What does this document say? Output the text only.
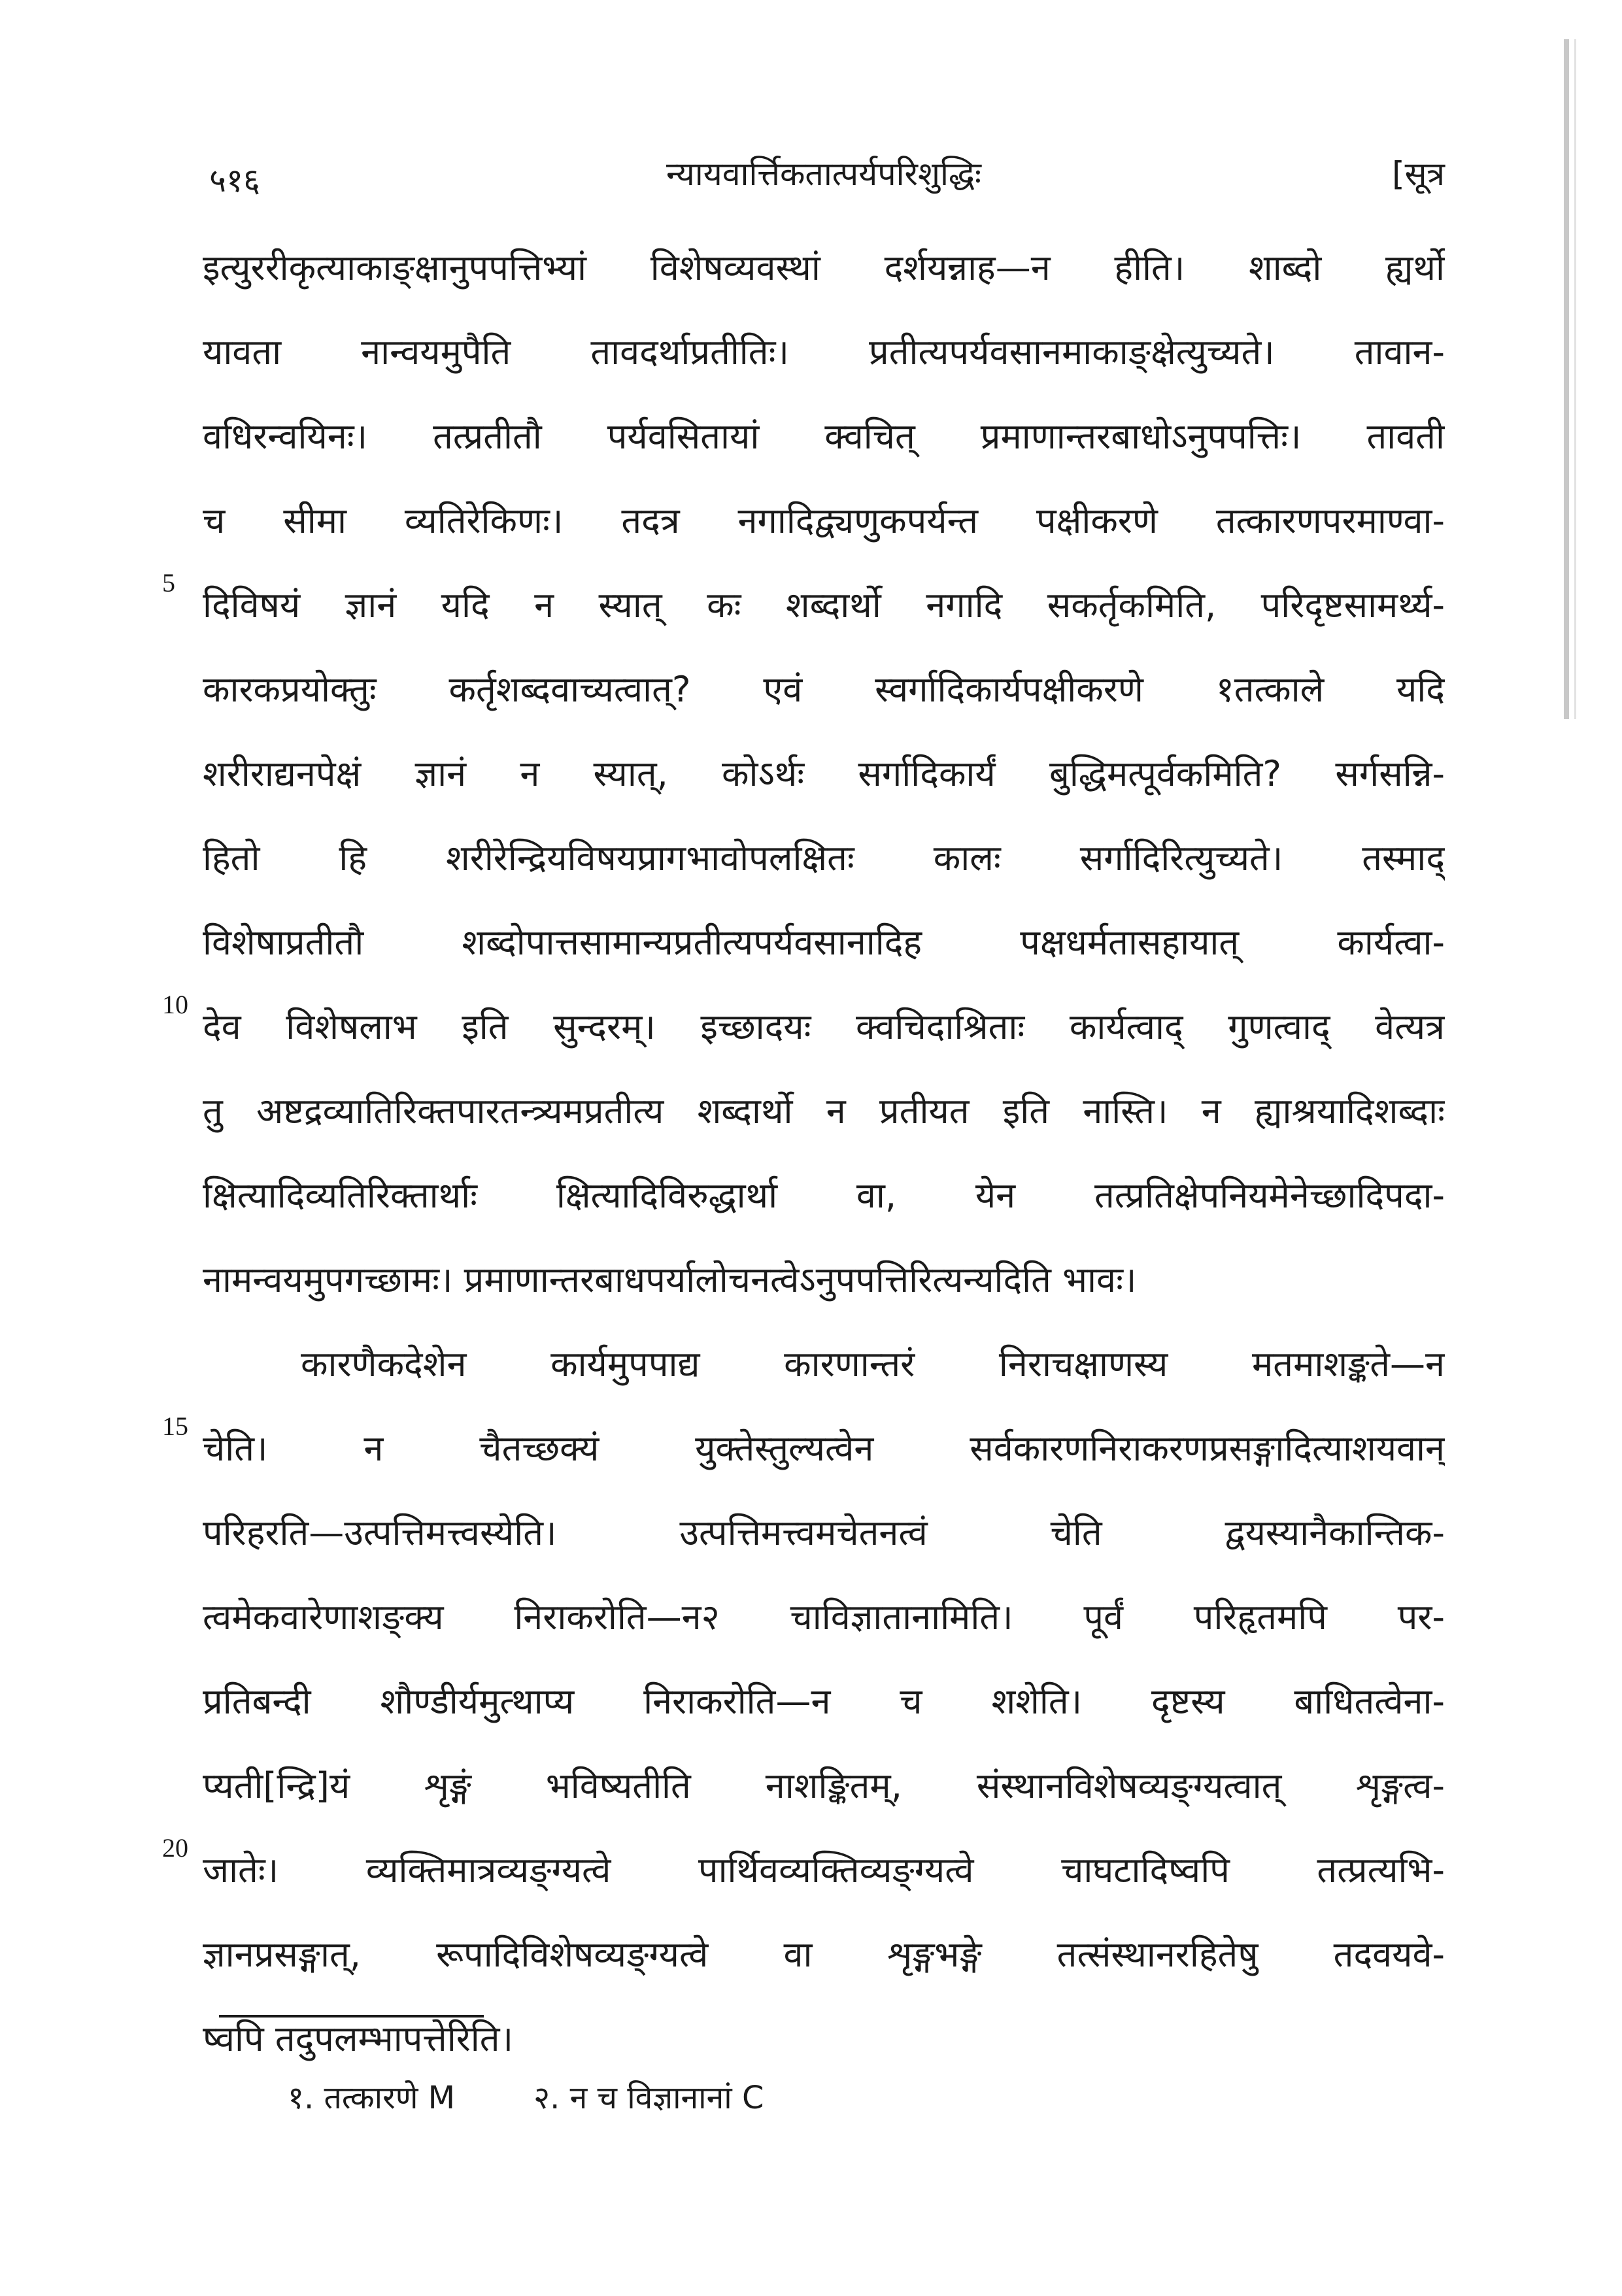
५१६	न्यायवार्त्तिकतात्पर्यपरिशुद्धिः	[सूत्र
5
10
15
20
इत्युररीकृत्याकाङ्क्षानुपपत्तिभ्यां विशेषव्यवस्थां दर्शयन्नाह—न हीति। शाब्दो ह्यर्थो
यावता नान्वयमुपैति तावदर्थाप्रतीतिः। प्रतीत्यपर्यवसानमाकाङ्क्षेत्युच्यते। तावान-
वधिरन्वयिनः। तत्प्रतीतौ पर्यवसितायां क्वचित् प्रमाणान्तरबाधोऽनुपपत्तिः। तावती
च सीमा व्यतिरेकिणः। तदत्र नगादिद्व्यणुकपर्यन्त पक्षीकरणे तत्कारणपरमाण्वा-
दिविषयं ज्ञानं यदि न स्यात् कः शब्दार्थो नगादि सकर्तृकमिति, परिदृष्टसामर्थ्य-
कारकप्रयोक्तुः कर्तृशब्दवाच्यत्वात्? एवं स्वर्गादिकार्यपक्षीकरणे १तत्काले यदि
शरीराद्यनपेक्षं ज्ञानं न स्यात्, कोऽर्थः सर्गादिकार्यं बुद्धिमत्पूर्वकमिति? सर्गसन्नि-
हितो हि शरीरेन्द्रियविषयप्रागभावोपलक्षितः कालः सर्गादिरित्युच्यते। तस्माद्
विशेषाप्रतीतौ शब्दोपात्तसामान्यप्रतीत्यपर्यवसानादिह पक्षधर्मतासहायात् कार्यत्वा-
देव विशेषलाभ इति सुन्दरम्। इच्छादयः क्वचिदाश्रिताः कार्यत्वाद् गुणत्वाद् वेत्यत्र
तु अष्टद्रव्यातिरिक्तपारतन्त्र्यमप्रतीत्य शब्दार्थो न प्रतीयत इति नास्ति। न ह्याश्रयादिशब्दाः
क्षित्यादिव्यतिरिक्तार्थाः क्षित्यादिविरुद्धार्था वा, येन तत्प्रतिक्षेपनियमेनेच्छादिपदा-
नामन्वयमुपगच्छामः। प्रमाणान्तरबाधपर्यालोचनत्वेऽनुपपत्तिरित्यन्यदिति भावः।
कारणैकदेशेन कार्यमुपपाद्य कारणान्तरं निराचक्षाणस्य मतमाशङ्कते—न
चेति। न चैतच्छक्यं युक्तेस्तुल्यत्वेन सर्वकारणनिराकरणप्रसङ्गादित्याशयवान्
परिहरति—उत्पत्तिमत्त्वस्येति। उत्पत्तिमत्त्वमचेतनत्वं चेति द्वयस्यानैकान्तिक-
त्वमेकवारेणाशङ्क्य निराकरोति—न२ चाविज्ञातानामिति। पूर्वं परिहृतमपि पर-
प्रतिबन्दी शौण्डीर्यमुत्थाप्य निराकरोति—न च शशेति। दृष्टस्य बाधितत्वेना-
प्यती[न्द्रि]यं शृङ्गं भविष्यतीति नाशङ्कितम्, संस्थानविशेषव्यङ्ग्यत्वात् शृङ्गत्व-
जातेः। व्यक्तिमात्रव्यङ्ग्यत्वे पार्थिवव्यक्तिव्यङ्ग्यत्वे चाघटादिष्वपि तत्प्रत्यभि-
ज्ञानप्रसङ्गात्, रूपादिविशेषव्यङ्ग्यत्वे वा शृङ्गभङ्गे तत्संस्थानरहितेषु तदवयवे-
ष्वपि तदुपलम्भापत्तेरिति।
१. तत्कारणे M	२. न च विज्ञानानां C
